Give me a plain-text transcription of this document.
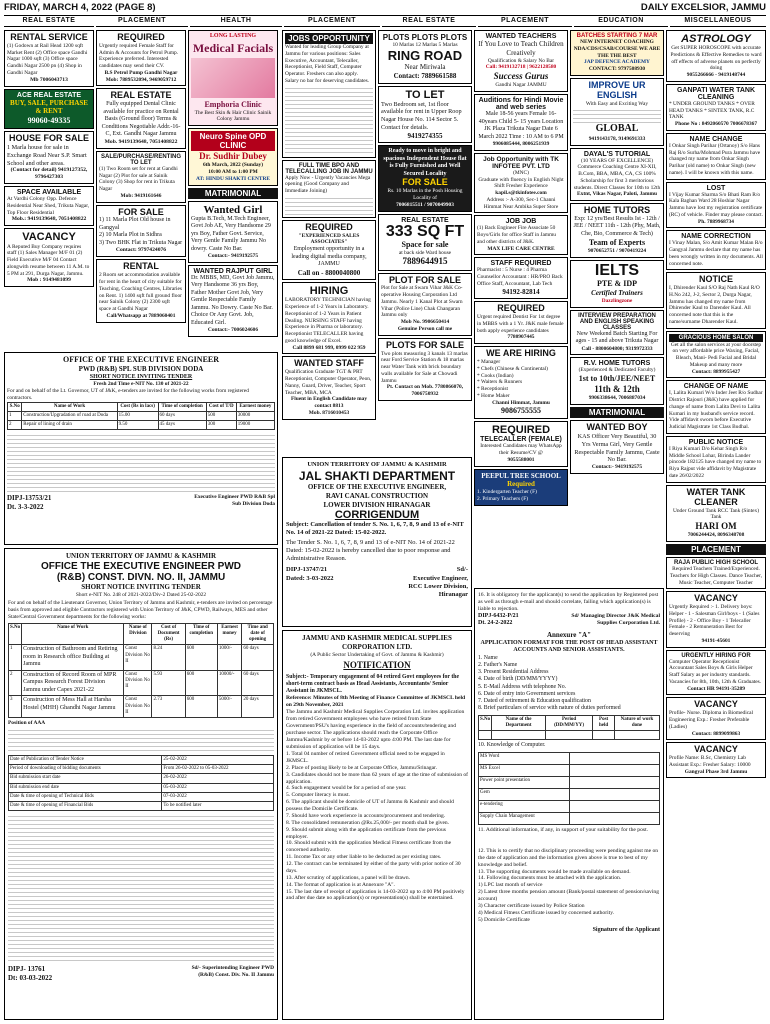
FRIDAY, MARCH 4, 2022 (PAGE 8)	DAILY EXCELSIOR, JAMMU
REAL ESTATE	PLACEMENT	HEALTH	PLACEMENT	REAL ESTATE	PLACEMENT	EDUCATION	MISCELLANEOUS
RENTAL SERVICE
(1) Godown at Rail Head 1200 sqft Market Rent (2) Office space Gandhi Nagar 1000 sqft (3) Office space Gandhi Nagar 2500 pn (4) Shop in Gandhi Nagar
Mb 7006043713
ACE REAL ESTATE
BUY, SALE, PURCHASE & RENT
99060-49335
HOUSE FOR SALE
1 Marla house for sale in Exchange Road Near S.P. Smart School and other areas.
(Contact for detail) 9419127352, 9796427303
SPACE AVAILABLE
At Vardhi Colony Opp. Defence Residential Near Shed, Trikuta Nagar, Top Floor Residential
Mob.: 9419139648, 7051408822
VACANCY
A Reputed Buy Company requires staff (1) Sales Manager M/F 01 (2) Field Executive M/F 04 Contact alongwith resume between 11 A.M. to 5 PM at 291, Durga Nagar, Jammu.
Mob : 9149481099
REQUIRED
Urgently required Female Staff for Admin & Accounts for Petrol Pump. Experience preferred. Interested candidates may send their CV.
B.S Petrol Pump Gandhi Nagar
Mob: 7889532094, 9469059712
REAL ESTATE
Fully equipped Dental Clinic available for practice on Rental Basis (Ground floor) Terms & Conditions Negotiable Addr.-16-C, Ext. Gandhi Nagar Jammu
Mob. 9419139648, 7051408822
SALE/PURCHASE/RENTING TO LET
(1) Two Room set for rent at Gandhi Nagar (2) Plot for sale at Sainik Colony (3) Shop for rent in Trikuta Nagar
Mob: 9419161646
FOR SALE
1) 11 Marla Plot Old house in Gangyal
2) 10 Marla Plot in Sidhra
3) Two BHK Flat in Trikuta Nagar
Contact: 9797424076
RENTAL
2 Room set accommodation available for rent in the heart of city suitable for Teaching, Coaching Centres, Libraries on Rent. 1) 1400 sqft full ground floor near Sainik Colony (2) 2300 sqft space at Gandhi Nagar
Call/Whatsapp at 7889060401
LONG LASTING
Medical Facials
Emphoria Clinic
The Best Skin & Hair Clinic Sainik Colony Jammu
Neuro Spine OPD CLINIC
Dr. Sudhir Dubey
6th March, 2022 (Sunday)
10:00 AM to 1:00 PM
AT: HINDU SHAKTI CENTRE
MATRIMONIAL
Wanted Girl
Gupta B.Tech, M.Tech Engineer, Govt Job AE, Very Handsome 29 yrs Boy, Father Govt. Service, Very Gentle Family Jammu No dowry. Caste No Bar.
Contact:- 9419192575
WANTED RAJPUT GIRL
Dr. MBBS, MD, Govt Job Jammu, Very Handsome 36 yrs Boy, Father Mother Govt Job, Very Gentle Respectable Family Jammu. No Dowry. Caste No Bar. Choice Or Any Govt. Job, Educated Girl.
Contact:- 7006024606
JOBS OPPORTUNITY
Wanted for leading Group Company at Jammu for various positions: Sales Executive, Accountant, Telecaller, Receptionist, Field Staff, Computer Operator. Freshers can also apply. Salary no bar for deserving candidates.
FULL TIME BPO AND TELECALLING JOB IN JAMMU
Apply Now - Urgently Vacancies Mega opening (Good Company and Immediate Joining)
REQUIRED
"EXPERIENCED SALES ASSOCIATES"
Employment opportunity in a leading digital media company, JAMMU
Call on - 8800040800
HIRING
LABORATORY TECHNICIAN having Experience of 1-2 Years in Laboratory. Receptionist of 1-2 Years in Patient Dealing. NURSING STAFF having Experience in Pharma or laboratory. Receptionist TELECALLER having good knowledge of Excel.
Call 8899 681 999, 0999 022 959
WANTED STAFF
Qualification Graduate TGT & PRT Receptionist, Computer Operator, Peon, Nanny, Guard, Driver, Teacher, Sport Teacher, MBA, MCA
Fluent in English Candidate may contact 8813
Mob. 8716010453
PLOTS PLOTS PLOTS
10 Marlas 12 Marlas 5 Marlas
RING ROAD
Near Miriwala
Contact: 7889661588
TO LET
Two Bedroom set, 1st floor available for rent in Upper Roop Nagar House No. 114 Sector 5. Contact for details.
9419274355
Ready to move in bright and spacious Independent House flat is Fully Furnished and Well Secured Locality
FOR SALE
Rs. 10 Marlas in the Posh Housing Locality of
7006815511 / 9070049903
REAL ESTATE
333 SQ FT
Space for sale
at back side Ward house
7889644915
PLOT FOR SALE
Plot for Sale at Swarn Vihar J&K Co-operative Housing Corporation Ltd Jammu. Nearly 1 Kanal Plot at Swarn Vihar (Police Line) Chak Changaran Jammu only
Mob No. 9906650414
Genuine Person call me
PLOTS FOR SALE
Two plots measuring 3 kanals 13 marlas near Ford Service Station & 18 marlas near Water Tank with brick boundary walls available for Sale at Chowadi Jammu
Pt. Contact on Mob. 7780866070, 7006750932
WANTED TEACHERS
If You Love to Teach Children Creatively
Qualification & Salary No Bar
Call: 9419132718 | 9622128580
Success Gurus
Gandhi Nagar JAMMU
Auditions for Hindi Movie and web series
Male 18-56 years Female 16-40years Child 5- 15 years Location JK Plaza Trikuta Nagar Date 6 March 2022 Time : 10 AM to 6 PM
9906085444, 8006251939
Job Opportunity with TK INFOTEE PVT. LTD
(MNC)
Graduate with fluency in English Night Shift Fresher Experience
kapil.s@tkinfotee.com
Address :- A-300, Sec-1 Channi Himmat Near Ambika Super Store
JOB JOB
(1) Back Engineer Fire Associate 50 Boys/Girls for office Staff in Jammu and other districts of J&K.
MAX LIFE CARE CENTRE
STAFF REQUIRED
Pharmacist : 5 Nurse : 4 Pharma Counsellor Accountant : HR/PRO Back Office Staff, Accountant, Lab Tech
94192-82814
REQUIRED
Urgent required Dentist For 1st degree in MBBS with a 1 Yr. J&K male female both apply experience candidates
7780907445
WE ARE HIRING
* Manager
* Chefs (Chinese & Continental)
* Cooks (Indian)
* Waiters & Runners
* Receptionist
* Home Maker
Channi Himmat, Jammu
9086755555
REQUIRED
TELECALLER (FEMALE)
Interested Candidates may WhatsApp their Resume/CV @
9055588001
PEEPUL TREE SCHOOL
Required
1. Kindergarten Teacher (F)
2. Primary Teachers (F)
BATCHES STARTING 7 MAR
NEW INTERNET COACHING NDA/CDS/CSAB/COURSE WE ARE THE THE BEST
JAP DEFENCE ACADEMY
CONTACT: 9797508930
IMPROVE UR ENGLISH
With Easy and Exciting Way
GLOBAL
9419143178, 9149691333
DAYAL'S TUTORIAL
(10 YEARS OF EXCELLENCE) Commerce Coaching Centre XI-XII, B.Com, BBA, MBA, CA, CS 100% Scholarship for first 3 meritorious students. Direct Classes for 10th to 12th
Extnt, Vikas Nagar, Paloti, Jammu
HOME TUTORS
Exp: 12 yrs/Best Results Ist - 12th / JEE / NEET 11th - 12th (Phy, Math, Che, Bio, Commerce & Tech)
Team of Experts
9070652751 / 9070419224
IELTS
PTE & IDP
Certified Trainers
Dazzlingzone
INTERVIEW PREPARATION AND ENGLISH SPEAKING CLASSES
New Weekend Batch Starting For ages - 15 and above Trikuta Nagar
Call - 8800604800; 9319972333
R.V. HOME TUTORS
(Experienced & Dedicated Faculty)
1st to 10th/JEE/NEET
11th & 12th
9906338644, 7006887034
MATRIMONIAL
WANTED BOY
KAS Officer Very Beautiful, 30 Yrs Verma Girl, Very Gentle Respectable Family Jammu, Caste No Bar.
Contact:- 9419192575
ASTROLOGY
Get SUPER HOROSCOPE with accurate Predictions & Effective Remedies to ward off effects of adverse planets on perfectly doing
9055266666 - 9419148744
GANPATI WATER TANK CLEANING
* UNDER GROUND TANKS * OVER HEAD TANKS * SINTEX TANK, R.C TANK
Phone No : 8492060570 7006678367
NAME CHANGE
I Onkar Singh Parihar (Ortanoy) S/o Hans Raj R/o Surha/Mohmad Pura Jammu have changed my name from Onkar Singh Parihar (old name) to Onkar Singh (new name). I will be known with this name.
LOST
I Vijay Kumar Sharma S/o Bhati Ram R/o Kala Baghan Ward 28 Hoshiar Nagar Jammu have lost my registration certificate (RC) of vehicle. Finder may please contact.
Ph. 7889968734
NAME CORRECTION
I Vinay Malan, S/o Amit Kumar Malan R/o Gangyal Jammu declare that my name has been wrongly written in my documents. All concerned note.
NOTICE
I, Dhirender Kaul S/O Raj Nath Kaul R/O H.No 242, J-2, Sector 2, Durga Nagar, Jammu has changed my name from Dhirender Kaul to Darender Kaul. All concerned note that this is the name/surname Dharender Kaul.
GRACIOUS HOME SALON
Get all the salon services at your doorstep on very affordable price Waxing, Facial, Bleach, Mani- Pedi Facial and Bridal Makeup and many more
Contact: 8899955427
CHANGE OF NAME
I, Lalita Kumari W/o Inder Jeet R/o Sudhar District Rajouri (J&K) have applied for change of name from Lalita Devi to Lalita Kumari in my husband's service record. Vide affidavit sworn before Executive Judicial Magistrate 1st Class Budhal.
PUBLIC NOTICE
I Riya Kumari D/o Kehar Singh R/o Middle School Lohar, Birinda Lander pincode 182125 have changed my name to Riya Rajput vide affidavit by Magistrate date 26/02/2022
WATER TANK CLEANER
Under Ground Tank RCC Tank (Sintex) Tank
HARI OM
7006244424, 8096348708
PLACEMENT
RAJA PUBLIC HIGH SCHOOL
Required Teachers Trained/Experienced. Teachers for High Classes. Dance Teacher, Music Teacher, Computer Teacher
VACANCY
Urgently Required :- 1. Delivery boys: Helper - 1 - Salesman Girl/boys - 1 (Sales Profile) - 2 - Office Boy - 1 Telecaller Female - 2 Remuneration Best for deserving
94191-45601
URGENTLY HIRING FOR
Computer Operator Receptionist Accountant Sales Boys & Girls Helper Staff Salary as per industry standards. Vacancies for 8th, 10th, 12th & Graduates.
Contact HR 94191-35289
VACANCY
Profile- Nurse. Diploma in Biomedical Engineering Exp.: Fresher Preferable (Ladies)
Contact: 8899099863
VACANCY
Profile Name: B.Sc, Chemistry Lab Assistant Exp.: Fresher Salary: 10000
Gangyal Phase 3rd Jammu
OFFICE OF THE EXECUTIVE ENGINEER
PWD (R&B) SPL SUB DIVISION DODA
SHORT NOTICE INVITING TENDER
Fresh 2nd Time e-NIT No. 130 of 2021-22
For and on behalf of the Lt. Governor, UT of J&K, e-tenders are invited for the following works from registered contractors.
S.No	Name of Work	Cost (Rs in lacs)	Time of completion	Cost of T/D	Earnest money
1	Construction/Upgradation of road at Doda	15.00	60 days	500	30000
2	Repair of lining of drain	9.50	45 days	300	19000
DIPJ-13753/21
Dt. 3-3-2022
Executive Engineer PWD R&B Spl Sub Division Doda
UNION TERRITORY OF JAMMU & KASHMIR
JAL SHAKTI DEPARTMENT
OFFICE OF THE EXECUTIVE ENGINEER,
RAVI CANAL CONSTRUCTION
LOWER DIVISION HIRANAGAR
CORRIGENDUM
Subject: Cancellation of tender S. No. 1, 6, 7, 8, 9 and 13 of e-NIT No. 14 of 2021-22 Dated: 15-02-2022.
The Tender S. No. 1, 6, 7, 8, 9 and 13 of e-NIT No. 14 of 2021-22 Dated: 15-02-2022 is hereby cancelled due to poor response and Administrative Reason.
DIPJ-13747/21
Dated: 3-03-2022
Sd/-
Executive Engineer,
RCC Lower Division,
Hiranagar
UNION TERRITORY OF JAMMU & KASHMIR
OFFICE THE EXECUTIVE ENGINEER PWD
(R&B) CONST. DIVN. NO. II, JAMMU
SHORT NOTICE INVITING TENDER
Short e-NIT No. 248 of 2021-2022/Div-2 Dated 25-02-2022
For and on behalf of the Lieutenant Governor, Union Territory of Jammu and Kashmir, e-tenders are invited on percentage basis from approved and eligible Contractors registered with Union Territory of J&K, CPWD, Railways, MES and other State/Central Government departments for the following works:
S.No	Name of Work	Name of Division	Cost of Document (Rs)	Time of completion	Earnest money	Time and date of opening
1	Construction of Bathroom and Retiring room in Research office Building at Jammu	Const Division No II	8.24	600	1000/-	60 days
2	Construction of Record Room of MPR Campus Research Forest Division Jammu under Capex 2021-22	Const Division No II	5.93	600	10000/-	60 days
3	Construction of Mess Hall at Harsha Hostel (MHH) Ghandhi Nagar Jammu	Const Division No II	2.73	600	5000/-	20 days
Position of AAA
Date of Publication of Tender Notice	25-02-2022
Period of downloading of bidding documents	From 26-02-2022 to 05-03-2022
Bid submission start date	26-02-2022
Bid submission end date	05-03-2022
Date & time of opening of Technical Bids	07-03-2022
Date & time of opening of Financial Bids	To be notified later
DIPJ- 13761
Dt: 03-03-2022
Sd/- Superintending Engineer PWD (R&B) Const. Div. No. II Jammu
JAMMU AND KASHMIR MEDICAL SUPPLIES CORPORATION LTD.
(A Public Sector Undertaking of Govt. of Jammu & Kashmir)
NOTIFICATION
Subject:- Temporary engagement of 04 retired Govt employees for the short-term contract basis as Head Assistants, Accountants/ Senior Assistant in JKMSCL.
Reference: Minutes of 8th Meeting of Finance Committee of JKMSCL held on 29th November, 2021
The Jammu and Kashmir Medical Supplies Corporation Ltd. invites application from retired Government employees who have retired from State Government/PSU's having experience in the field of accounts/tendering and purchase sector. The applications should reach the Corporate Office Jammu/Kashmir by or before 14-03-2022 upto 4:00 PM. The last date for submission of application will be 15 days.
1. Total 04 number of retired Government official need to be engaged in JKMSCL.
2. Place of posting likely to be at Corporate Office, Jammu/Srinagar.
3. Candidates should not be more than 62 years of age at the time of submission of application.
4. Such engagement would be for a period of one year.
5. Computer literacy is must.
6. The applicant should be domicile of UT of Jammu & Kashmir and should possess the Domicile Certificate.
7. Should have work experience in accounts/procurement and tendering.
8. The consolidated remuneration @Rs.25,000/- per month shall be given.
9. Should submit along with the application certificate from the previous employer.
10. Should submit with the application Medical Fitness certificate from the concerned authority.
11. Income Tax or any other liable to be deducted as per existing rates.
12. The contract can be terminated by either of the party with prior notice of 30 days.
13. After scrutiny of applications, a panel will be drawn.
14. The format of application is at Annexure "A".
15. The last date of receipt of application is 14-03-2022 up to 4:00 PM positively and after due date no application(s) or representation(s) shall be entertained.
16. It is obligatory for the applicant(s) to send the application by Registered post as well as through e-mail and should correlate, failing which application(s) is liable to rejection.
DIPJ-6432-P/21
Dt. 24-2-2022
Sd/ Managing Director J&K Medical Supplies Corporation Ltd.
Annexure "A"
APPLICATION FORMAT FOR THE POST OF HEAD ASSISTANT ACCOUNTS AND SENIOR ASSISTANTS.
1. Name
2. Father's Name
3. Present Residential Address
4. Date of birth (DD/MM/YYYY)
5. E-Mail Address with telephone No.
6. Date of entry into Government services
7. Dated of retirement & Education qualification
8. Brief particulars of service with nature of duties performed
S.No	Name of the Department	Period (DD/MM/YY)	Post held	Nature of work done

10. Knowledge of Computer.
MS Word	
MS Excel	
Power point presentation	
Gem	
e-tendering	
Supply Chain Management	
11. Additional information, if any, in support of your suitability for the post.
12. This is to certify that no disciplinary proceeding were pending against me on the date of application and the information given above is true to best of my knowledge and belief.
13. The supporting documents would be made available on demand.
14. Following documents must be attached with the application.
1) LPC last month of service
2) Latest three months pension amount (Bank/postal statement of pension/saving account)
3) Character certificate issued by Police Station
4) Medical Fitness Certificate issued by concerned authority.
5) Domicile Certificate
Signature of the Applicant
